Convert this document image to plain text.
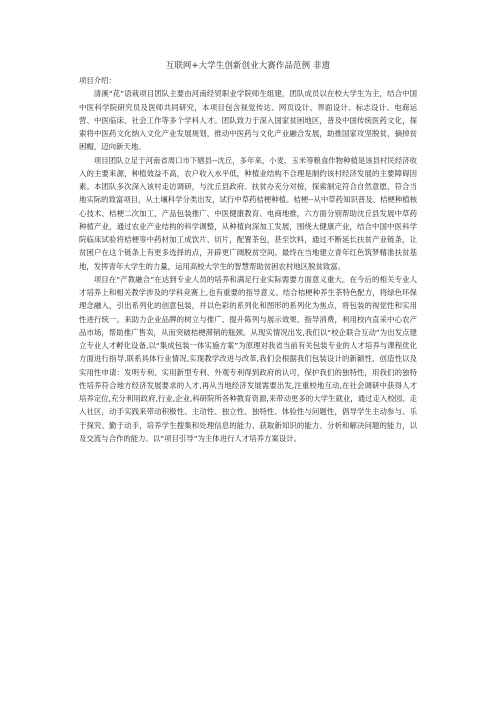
互联网+大学生创新创业大赛作品范例 非遗

项目介绍：

清溪“花”语栽项目团队主要由河南经贸职业学院师生组建，团队成员以在校大学生为主，结合中国中医科学院研究员及医师共同研究，本项目包含视觉传达、网页设计、界面设计、标志设计、电商运营、中医临床、社会工作等多个学科人才。团队致力于深入国家贫困地区，普及中国传统医药文化，探索将中医药文化纳入文化产业发展规划，推动中医药与文化产业融合发展，助推国家攻坚脱贫，摘掉贫困帽，迈向新天地。

项目团队立足于河南省周口市下辖县--沈丘，多年来，小麦、玉米等粮食作物种植是该县村民经济收入的主要来源，种植效益不高，农户收入水平低，种植业结构不合理是制约该村经济发展的主要障碍因素。本团队多次深入该村走访调研，与沈丘县政府、扶贫办充分对接，探索制定符合自然意愿、符合当地实际的致富项目，从土壤科学分类出发，试行中草药桔梗种植。桔梗--从中草药知识普及、桔梗种植核心技术、桔梗二次加工，产品包装推广、中医健康教育、电商地推，六方面分别帮助沈丘县发展中草药种植产业，通过农业产业结构的科学调整，从种植向深加工发展，围绕大健康产业，结合中国中医科学院临床试验将桔梗等中药材加工成饮片、切片，配置茶包，甚至饮料，通过不断延长扶贫产业链条，让贫困户在这个链条上有更多选择的点，开辟更广阔脱贫空间。最终在当地建立青年红色筑梦精准扶贫基地，发挥青年大学生的力量，运用高校大学生的智慧帮助贫困农村地区脱贫致富。

项目在“产教融合”在达到专业人员的培养和满足行业实际需要方面意义重大。在今后的相关专业人才培养上和相关教学涉及的学科竞赛上,也有重要的指导意义。结合桔梗种养生茶特色配方，将绿色环保理念融入，引出系列化的创意包装，并以色彩的系列化和图形的系列化为焦点，将包装的视觉性和实用性进行统一。来助力企业品牌的树立与推广、提升陈列与展示效果、指导消费，利用校内直采中心农产品市场，帮助推广售卖，从而突破桔梗滞销的瓶颈。从现实情况出发,我们以“校企联合互动”为出发点建立专业人才孵化设备,以“集成包装一体实施方案”为原理对我省当前有关包装专业的人才培养与课程优化方面进行指导,联系具体行业情况,实现教学改进与改革,我们会根据我们包装设计的新颖性、创造性以及实用性申请：发明专利、实用新型专利、外观专利得到政府的认可，保护我们的独特性，用我们的独特性培养符合地方经济发展要求的人才,再从当地经济发展需要出发,注重校地互动,在社会调研中获得人才培养定位,充分利用政府,行业,企业,科研院所各种教育资源,来带动更多的大学生就业，通过走入校园、走入社区，动手实践来带动积极性、主动性、独立性、独特性、体验性与问题性，倡导学生主动参与、乐于探究、勤于动手，培养学生搜集和处理信息的能力、获取新知识的能力、分析和解决问题的能力，以及交流与合作的能力。以“项目引导”为主体进行人才培养方案设计。
